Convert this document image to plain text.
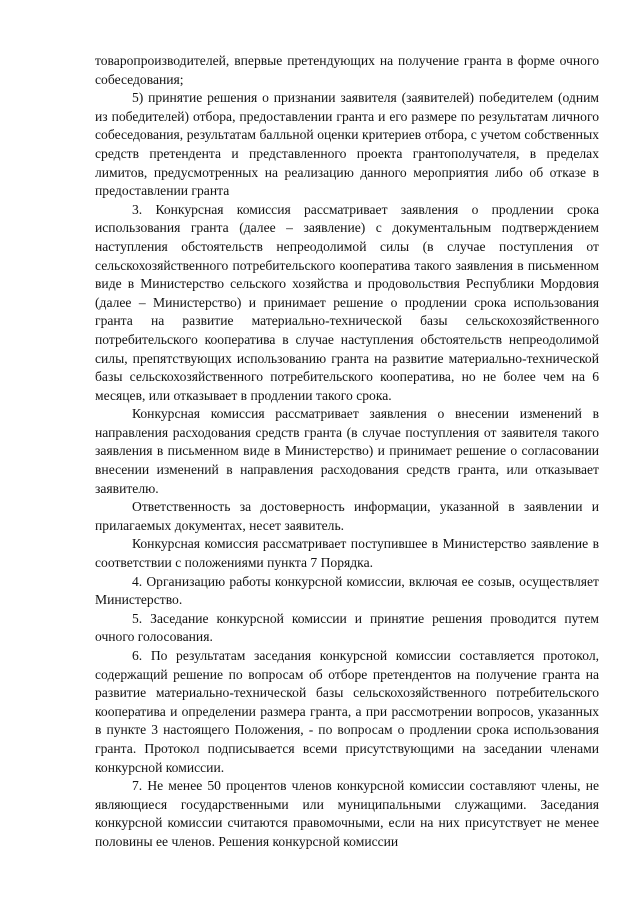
товаропроизводителей, впервые претендующих на получение гранта в форме очного собеседования;

5) принятие решения о признании заявителя (заявителей) победителем (одним из победителей) отбора, предоставлении гранта и его размере по результатам личного собеседования, результатам балльной оценки критериев отбора, с учетом собственных средств претендента и представленного проекта грантополучателя, в пределах лимитов, предусмотренных на реализацию данного мероприятия либо об отказе в предоставлении гранта

3. Конкурсная комиссия рассматривает заявления о продлении срока использования гранта (далее – заявление) с документальным подтверждением наступления обстоятельств непреодолимой силы (в случае поступления от сельскохозяйственного потребительского кооператива такого заявления в письменном виде в Министерство сельского хозяйства и продовольствия Республики Мордовия (далее – Министерство) и принимает решение о продлении срока использования гранта на развитие материально-технической базы сельскохозяйственного потребительского кооператива в случае наступления обстоятельств непреодолимой силы, препятствующих использованию гранта на развитие материально-технической базы сельскохозяйственного потребительского кооператива, но не более чем на 6 месяцев, или отказывает в продлении такого срока.

Конкурсная комиссия рассматривает заявления о внесении изменений в направления расходования средств гранта (в случае поступления от заявителя такого заявления в письменном виде в Министерство) и принимает решение о согласовании внесении изменений в направления расходования средств гранта, или отказывает заявителю.

Ответственность за достоверность информации, указанной в заявлении и прилагаемых документах, несет заявитель.

Конкурсная комиссия рассматривает поступившее в Министерство заявление в соответствии с положениями пункта 7 Порядка.

4. Организацию работы конкурсной комиссии, включая ее созыв, осуществляет Министерство.

5. Заседание конкурсной комиссии и принятие решения проводится путем очного голосования.

6. По результатам заседания конкурсной комиссии составляется протокол, содержащий решение по вопросам об отборе претендентов на получение гранта на развитие материально-технической базы сельскохозяйственного потребительского кооператива и определении размера гранта, а при рассмотрении вопросов, указанных в пункте 3 настоящего Положения, - по вопросам о продлении срока использования гранта. Протокол подписывается всеми присутствующими на заседании членами конкурсной комиссии.

7. Не менее 50 процентов членов конкурсной комиссии составляют члены, не являющиеся государственными или муниципальными служащими. Заседания конкурсной комиссии считаются правомочными, если на них присутствует не менее половины ее членов. Решения конкурсной комиссии
